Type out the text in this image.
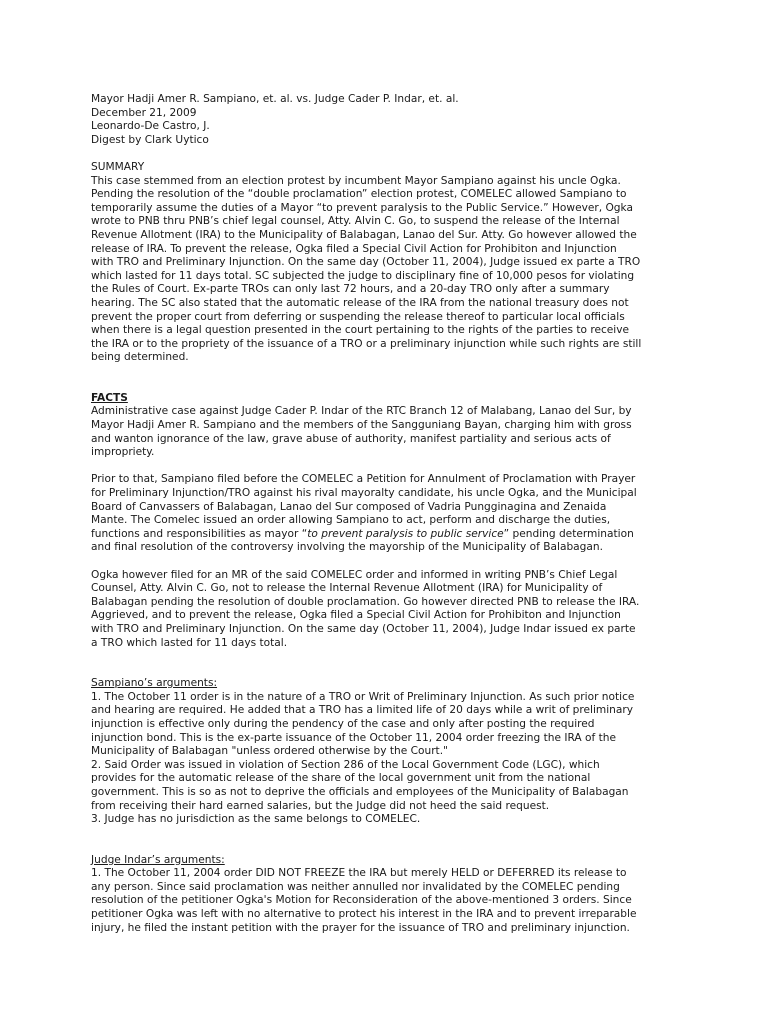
Mayor Hadji Amer R. Sampiano, et. al. vs. Judge Cader P. Indar, et. al.
December 21, 2009
Leonardo-De Castro, J.
Digest by Clark Uytico
SUMMARY
This case stemmed from an election protest by incumbent Mayor Sampiano against his uncle Ogka.
Pending the resolution of the “double proclamation” election protest, COMELEC allowed Sampiano to
temporarily assume the duties of a Mayor “to prevent paralysis to the Public Service.” However, Ogka
wrote to PNB thru PNB’s chief legal counsel, Atty. Alvin C. Go, to suspend the release of the Internal
Revenue Allotment (IRA) to the Municipality of Balabagan, Lanao del Sur. Atty. Go however allowed the
release of IRA. To prevent the release, Ogka filed a Special Civil Action for Prohibiton and Injunction
with TRO and Preliminary Injunction. On the same day (October 11, 2004), Judge issued ex parte a TRO
which lasted for 11 days total. SC subjected the judge to disciplinary fine of 10,000 pesos for violating
the Rules of Court. Ex-parte TROs can only last 72 hours, and a 20-day TRO only after a summary
hearing. The SC also stated that the automatic release of the IRA from the national treasury does not
prevent the proper court from deferring or suspending the release thereof to particular local officials
when there is a legal question presented in the court pertaining to the rights of the parties to receive
the IRA or to the propriety of the issuance of a TRO or a preliminary injunction while such rights are still
being determined.
FACTS
Administrative case against Judge Cader P. Indar of the RTC Branch 12 of Malabang, Lanao del Sur, by
Mayor Hadji Amer R. Sampiano and the members of the Sangguniang Bayan, charging him with gross
and wanton ignorance of the law, grave abuse of authority, manifest partiality and serious acts of
impropriety.
Prior to that, Sampiano filed before the COMELEC a Petition for Annulment of Proclamation with Prayer
for Preliminary Injunction/TRO against his rival mayoralty candidate, his uncle Ogka, and the Municipal
Board of Canvassers of Balabagan, Lanao del Sur composed of Vadria Pungginagina and Zenaida
Mante. The Comelec issued an order allowing Sampiano to act, perform and discharge the duties,
functions and responsibilities as mayor “to prevent paralysis to public service” pending determination
and final resolution of the controversy involving the mayorship of the Municipality of Balabagan.
Ogka however filed for an MR of the said COMELEC order and informed in writing PNB’s Chief Legal
Counsel, Atty. Alvin C. Go, not to release the Internal Revenue Allotment (IRA) for Municipality of
Balabagan pending the resolution of double proclamation. Go however directed PNB to release the IRA.
Aggrieved, and to prevent the release, Ogka filed a Special Civil Action for Prohibiton and Injunction
with TRO and Preliminary Injunction. On the same day (October 11, 2004), Judge Indar issued ex parte
a TRO which lasted for 11 days total.
Sampiano’s arguments:
1. The October 11 order is in the nature of a TRO or Writ of Preliminary Injunction. As such prior notice
and hearing are required. He added that a TRO has a limited life of 20 days while a writ of preliminary
injunction is effective only during the pendency of the case and only after posting the required
injunction bond. This is the ex-parte issuance of the October 11, 2004 order freezing the IRA of the
Municipality of Balabagan "unless ordered otherwise by the Court."
2. Said Order was issued in violation of Section 286 of the Local Government Code (LGC), which
provides for the automatic release of the share of the local government unit from the national
government. This is so as not to deprive the officials and employees of the Municipality of Balabagan
from receiving their hard earned salaries, but the Judge did not heed the said request.
3. Judge has no jurisdiction as the same belongs to COMELEC.
Judge Indar’s arguments:
1. The October 11, 2004 order DID NOT FREEZE the IRA but merely HELD or DEFERRED its release to
any person. Since said proclamation was neither annulled nor invalidated by the COMELEC pending
resolution of the petitioner Ogka's Motion for Reconsideration of the above-mentioned 3 orders. Since
petitioner Ogka was left with no alternative to protect his interest in the IRA and to prevent irreparable
injury, he filed the instant petition with the prayer for the issuance of TRO and preliminary injunction.
